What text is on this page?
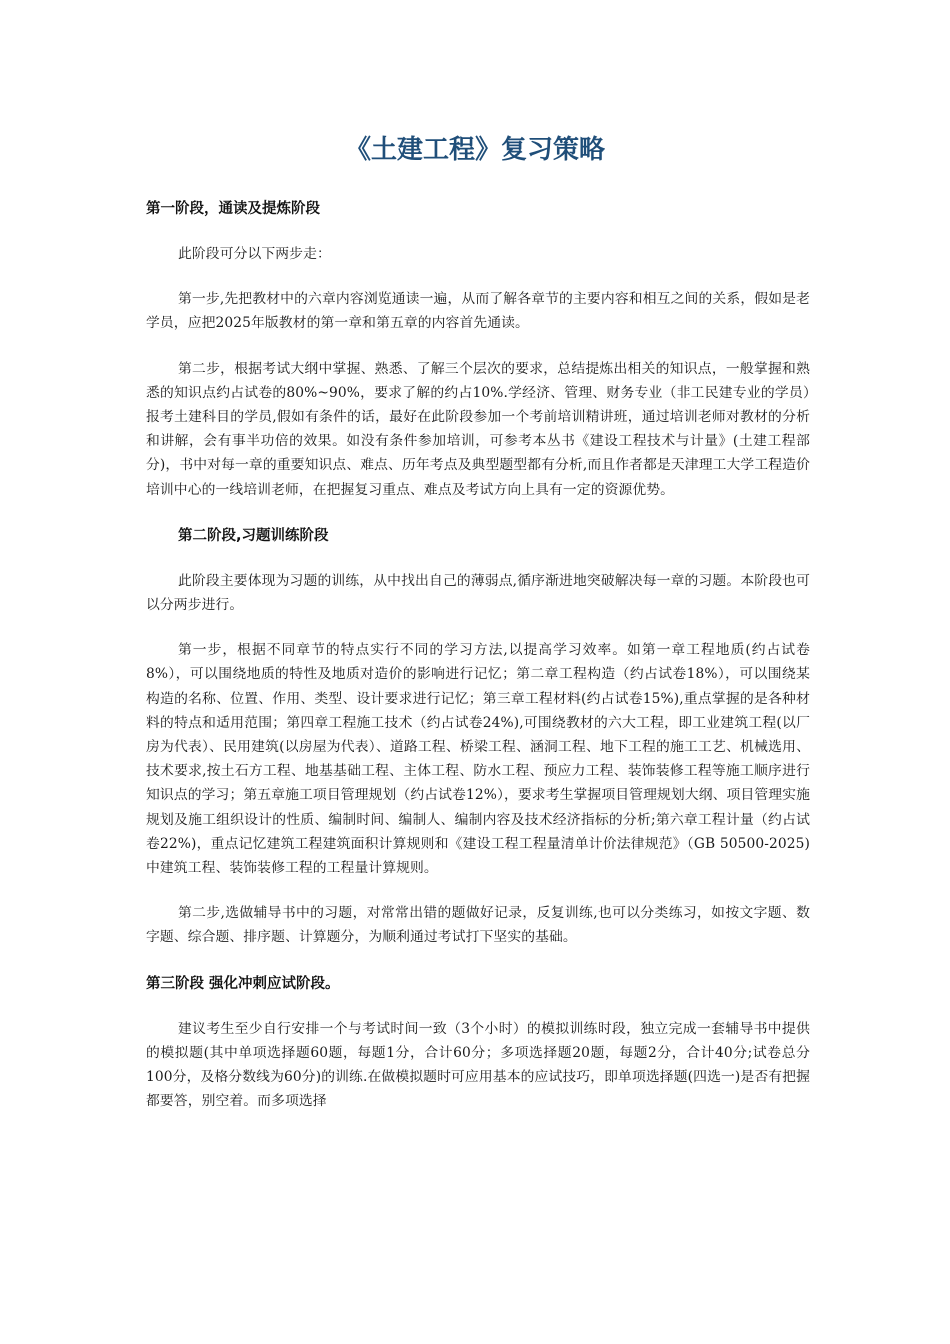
《土建工程》复习策略
第一阶段，通读及提炼阶段

此阶段可分以下两步走：

第一步,先把教材中的六章内容浏览通读一遍，从而了解各章节的主要内容和相互之间的关系，假如是老学员，应把2025年版教材的第一章和第五章的内容首先通读。

第二步，根据考试大纲中掌握、熟悉、了解三个层次的要求，总结提炼出相关的知识点，一般掌握和熟悉的知识点约占试卷的80%~90%，要求了解的约占10%.学经济、管理、财务专业（非工民建专业的学员）报考土建科目的学员,假如有条件的话，最好在此阶段参加一个考前培训精讲班，通过培训老师对教材的分析和讲解，会有事半功倍的效果。如没有条件参加培训，可参考本丛书《建设工程技术与计量》(土建工程部分)，书中对每一章的重要知识点、难点、历年考点及典型题型都有分析,而且作者都是天津理工大学工程造价培训中心的一线培训老师，在把握复习重点、难点及考试方向上具有一定的资源优势。

第二阶段,习题训练阶段

此阶段主要体现为习题的训练，从中找出自己的薄弱点,循序渐进地突破解决每一章的习题。本阶段也可以分两步进行。

第一步，根据不同章节的特点实行不同的学习方法,以提高学习效率。如第一章工程地质(约占试卷8%），可以围绕地质的特性及地质对造价的影响进行记忆；第二章工程构造（约占试卷18%），可以围绕某构造的名称、位置、作用、类型、设计要求进行记忆；第三章工程材料(约占试卷15%),重点掌握的是各种材料的特点和适用范围；第四章工程施工技术（约占试卷24%),可围绕教材的六大工程，即工业建筑工程(以厂房为代表）、民用建筑(以房屋为代表）、道路工程、桥梁工程、涵洞工程、地下工程的施工工艺、机械选用、技术要求,按土石方工程、地基基础工程、主体工程、防水工程、预应力工程、装饰装修工程等施工顺序进行知识点的学习；第五章施工项目管理规划（约占试卷12%），要求考生掌握项目管理规划大纲、项目管理实施规划及施工组织设计的性质、编制时间、编制人、编制内容及技术经济指标的分析;第六章工程计量（约占试卷22%)，重点记忆建筑工程建筑面积计算规则和《建设工程工程量清单计价法律规范》（GB 50500-2025)中建筑工程、装饰装修工程的工程量计算规则。

第二步,选做辅导书中的习题，对常常出错的题做好记录，反复训练,也可以分类练习，如按文字题、数字题、综合题、排序题、计算题分，为顺利通过考试打下坚实的基础。

第三阶段 强化冲刺应试阶段。

建议考生至少自行安排一个与考试时间一致（3个小时）的模拟训练时段，独立完成一套辅导书中提供的模拟题(其中单项选择题60题，每题1分，合计60分；多项选择题20题，每题2分，合计40分;试卷总分100分，及格分数线为60分)的训练.在做模拟题时可应用基本的应试技巧，即单项选择题(四选一)是否有把握都要答，别空着。而多项选择
